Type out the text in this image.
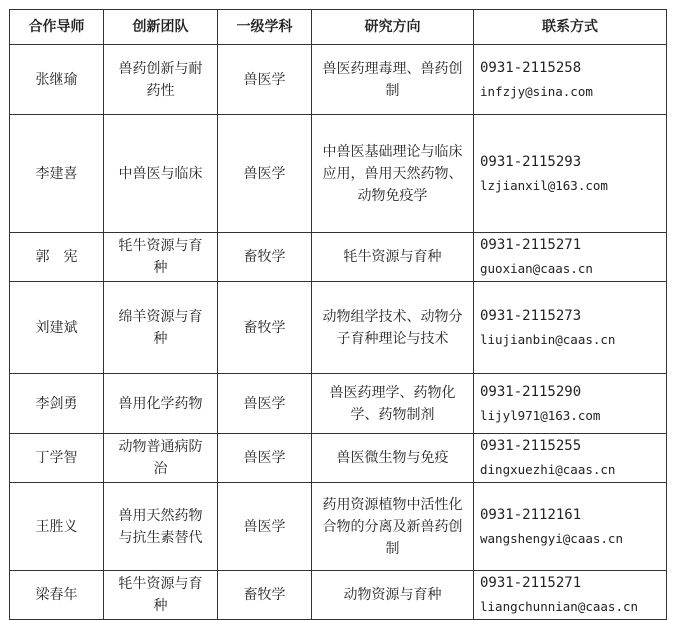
合作导师	创新团队	一级学科	研究方向	联系方式
张继瑜	兽药创新与耐药性	兽医学	兽医药理毒理、兽药创制	0931-2115258
infzjy@sina.com

李建喜	中兽医与临床	兽医学	中兽医基础理论与临床应用，兽用天然药物、动物免疫学	0931-2115293
lzjianxil@163.com

郭　宪	牦牛资源与育种	畜牧学	牦牛资源与育种	0931-2115271
guoxian@caas.cn

刘建斌	绵羊资源与育种	畜牧学	动物组学技术、动物分子育种理论与技术	0931-2115273
liujianbin@caas.cn

李剑勇	兽用化学药物	兽医学	兽医药理学、药物化学、药物制剂	0931-2115290
lijyl971@163.com

丁学智	动物普通病防治	兽医学	兽医微生物与免疫	0931-2115255
dingxuezhi@caas.cn

王胜义	兽用天然药物与抗生素替代	兽医学	药用资源植物中活性化合物的分离及新兽药创制	0931-2112161
wangshengyi@caas.cn

梁春年	牦牛资源与育种	畜牧学	动物资源与育种	0931-2115271
liangchunnian@caas.cn
